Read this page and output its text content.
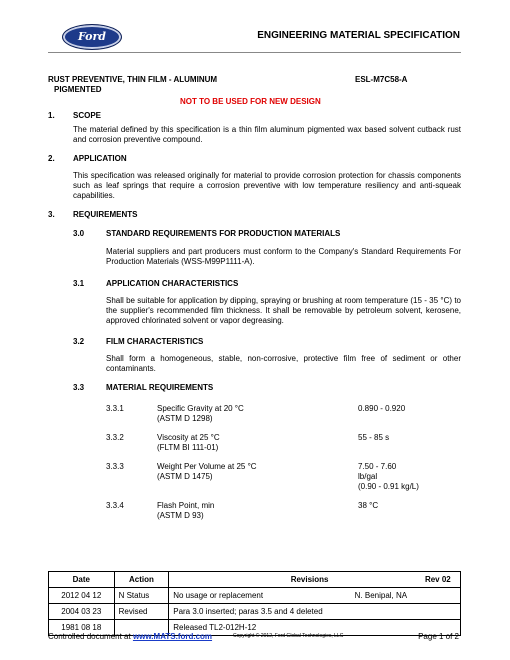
Ford	ENGINEERING MATERIAL SPECIFICATION
RUST PREVENTIVE, THIN FILM - ALUMINUM
PIGMENTED
ESL-M7C58-A
NOT TO BE USED FOR NEW DESIGN
1. SCOPE
The material defined by this specification is a thin film aluminum pigmented wax based solvent cutback rust and corrosion preventive compound.
2. APPLICATION
This specification was released originally for material to provide corrosion protection for chassis components such as leaf springs that require a corrosion preventive with low temperature resiliency and anti-squeak capabilities.
3. REQUIREMENTS
3.0	STANDARD REQUIREMENTS FOR PRODUCTION MATERIALS
Material suppliers and part producers must conform to the Company's Standard Requirements For Production Materials (WSS-M99P1111-A).
3.1	APPLICATION CHARACTERISTICS
Shall be suitable for application by dipping, spraying or brushing at room temperature (15 - 35 °C) to the supplier's recommended film thickness. It shall be removable by petroleum solvent, kerosene, approved chlorinated solvent or vapor degreasing.
3.2	FILM CHARACTERISTICS
Shall form a homogeneous, stable, non-corrosive, protective film free of sediment or other contaminants.
3.3	MATERIAL REQUIREMENTS
3.3.1	Specific Gravity at 20 °C
(ASTM D 1298)
0.890 - 0.920
3.3.2	Viscosity at 25 °C
(FLTM BI 111-01)
55 - 85 s
3.3.3	Weight Per Volume at 25 °C
(ASTM D 1475)
7.50 - 7.60
lb/gal
(0.90 - 0.91 kg/L)
3.3.4	Flash Point, min
(ASTM D 93)
38 °C
Date	Action	Revisions Rev 02	
2012 04 12	N Status	No usage or replacement	N. Benipal, NA
2004 03 23	Revised	Para 3.0 inserted; paras 3.5 and 4 deleted	
1981 08 18		Released TL2-012H-12	
Controlled document at www.MATS.ford.com	Copyright © 2012, Ford Global Technologies, LLC	Page 1 of 2
